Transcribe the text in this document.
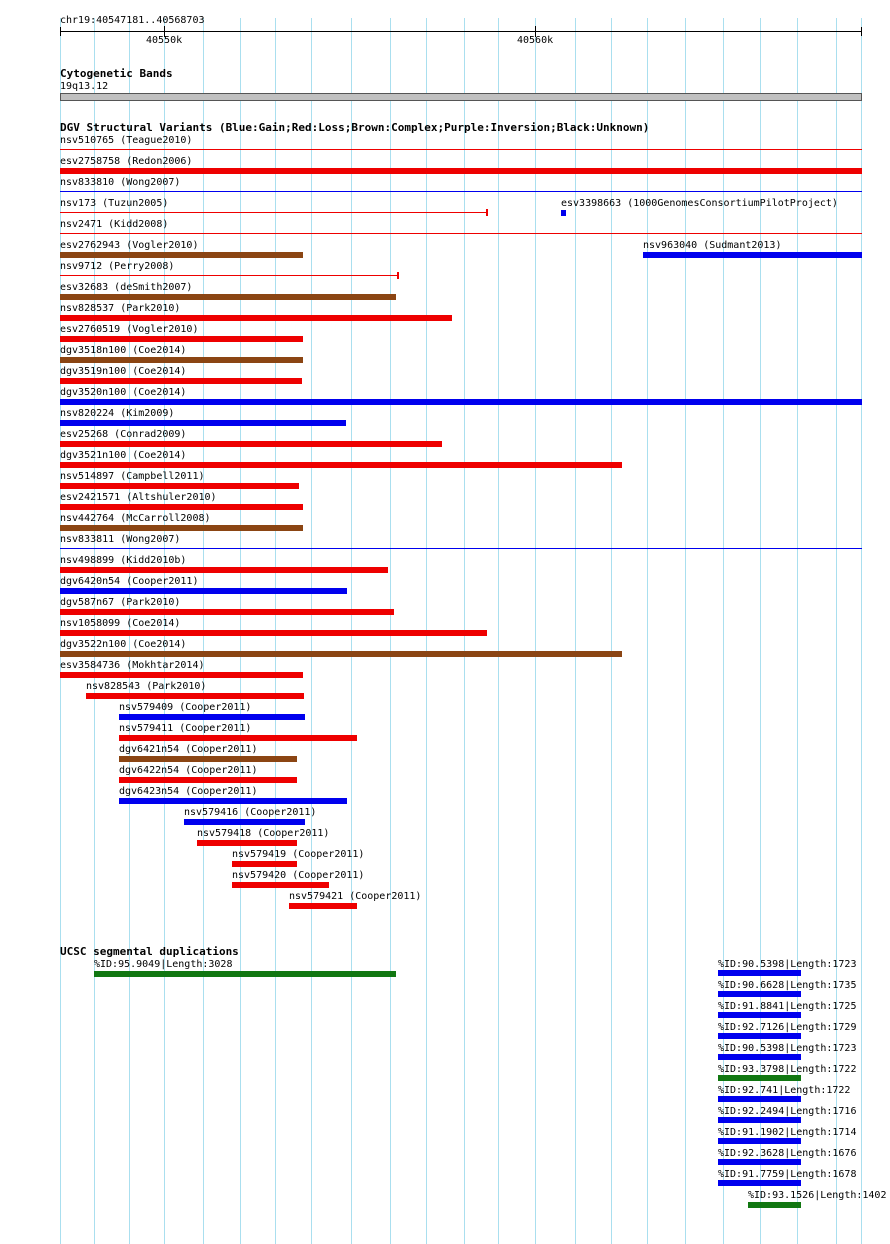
chr19:40547181..40568703
40550k	40560k
Cytogenetic Bands
19q13.12
DGV Structural Variants (Blue:Gain;Red:Loss;Brown:Complex;Purple:Inversion;Black:Unknown)
nsv510765 (Teague2010)
esv2758758 (Redon2006)
nsv833810 (Wong2007)
nsv173 (Tuzun2005)	esv3398663 (1000GenomesConsortiumPilotProject)
nsv2471 (Kidd2008)
esv2762943 (Vogler2010)	nsv963040 (Sudmant2013)
nsv9712 (Perry2008)
esv32683 (deSmith2007)
nsv828537 (Park2010)
esv2760519 (Vogler2010)
dgv3518n100 (Coe2014)
dgv3519n100 (Coe2014)
dgv3520n100 (Coe2014)
nsv820224 (Kim2009)
esv25268 (Conrad2009)
dgv3521n100 (Coe2014)
nsv514897 (Campbell2011)
esv2421571 (Altshuler2010)
nsv442764 (McCarroll2008)
nsv833811 (Wong2007)
nsv498899 (Kidd2010b)
dgv6420n54 (Cooper2011)
dgv587n67 (Park2010)
nsv1058099 (Coe2014)
dgv3522n100 (Coe2014)
esv3584736 (Mokhtar2014)
nsv828543 (Park2010)
nsv579409 (Cooper2011)
nsv579411 (Cooper2011)
dgv6421n54 (Cooper2011)
dgv6422n54 (Cooper2011)
dgv6423n54 (Cooper2011)
nsv579416 (Cooper2011)
nsv579418 (Cooper2011)
nsv579419 (Cooper2011)
nsv579420 (Cooper2011)
nsv579421 (Cooper2011)
UCSC segmental duplications
%ID:95.9049|Length:3028	%ID:90.5398|Length:1723
%ID:90.6628|Length:1735
%ID:91.8841|Length:1725
%ID:92.7126|Length:1729
%ID:90.5398|Length:1723
%ID:93.3798|Length:1722
%ID:92.741|Length:1722
%ID:92.2494|Length:1716
%ID:91.1902|Length:1714
%ID:92.3628|Length:1676
%ID:91.7759|Length:1678
%ID:93.1526|Length:1402
